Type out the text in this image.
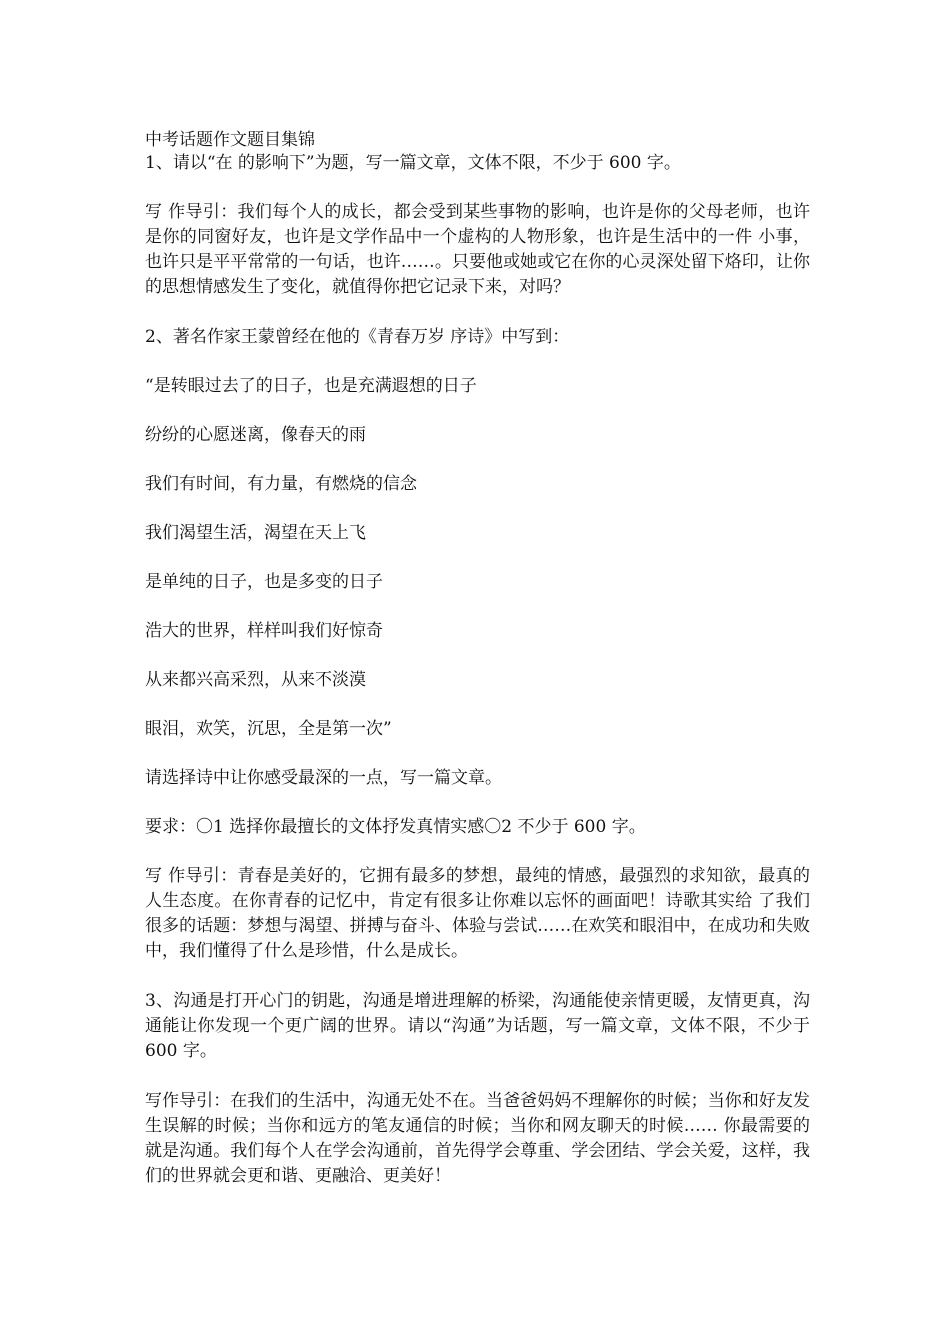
中考话题作文题目集锦

1、请以“在 的影响下”为题，写一篇文章，文体不限，不少于 600 字。

写 作导引：我们每个人的成长，都会受到某些事物的影响，也许是你的父母老师，也许是你的同窗好友，也许是文学作品中一个虚构的人物形象，也许是生活中的一件 小事，也许只是平平常常的一句话，也许……。只要他或她或它在你的心灵深处留下烙印，让你的思想情感发生了变化，就值得你把它记录下来，对吗？

2、著名作家王蒙曾经在他的《青春万岁 序诗》中写到：

“是转眼过去了的日子，也是充满遐想的日子

纷纷的心愿迷离，像春天的雨

我们有时间，有力量，有燃烧的信念

我们渴望生活，渴望在天上飞

是单纯的日子，也是多变的日子

浩大的世界，样样叫我们好惊奇

从来都兴高采烈，从来不淡漠

眼泪，欢笑，沉思，全是第一次”

请选择诗中让你感受最深的一点，写一篇文章。

要求：〇1 选择你最擅长的文体抒发真情实感〇2 不少于 600 字。

写 作导引：青春是美好的，它拥有最多的梦想，最纯的情感，最强烈的求知欲，最真的人生态度。在你青春的记忆中，肯定有很多让你难以忘怀的画面吧！诗歌其实给 了我们很多的话题：梦想与渴望、拼搏与奋斗、体验与尝试……在欢笑和眼泪中，在成功和失败中，我们懂得了什么是珍惜，什么是成长。

3、沟通是打开心门的钥匙，沟通是增进理解的桥梁，沟通能使亲情更暖，友情更真，沟通能让你发现一个更广阔的世界。请以“沟通”为话题，写一篇文章，文体不限，不少于 600 字。

写作导引：在我们的生活中，沟通无处不在。当爸爸妈妈不理解你的时候；当你和好友发生误解的时候；当你和远方的笔友通信的时候；当你和网友聊天的时候…… 你最需要的就是沟通。我们每个人在学会沟通前，首先得学会尊重、学会团结、学会关爱，这样，我们的世界就会更和谐、更融洽、更美好！
